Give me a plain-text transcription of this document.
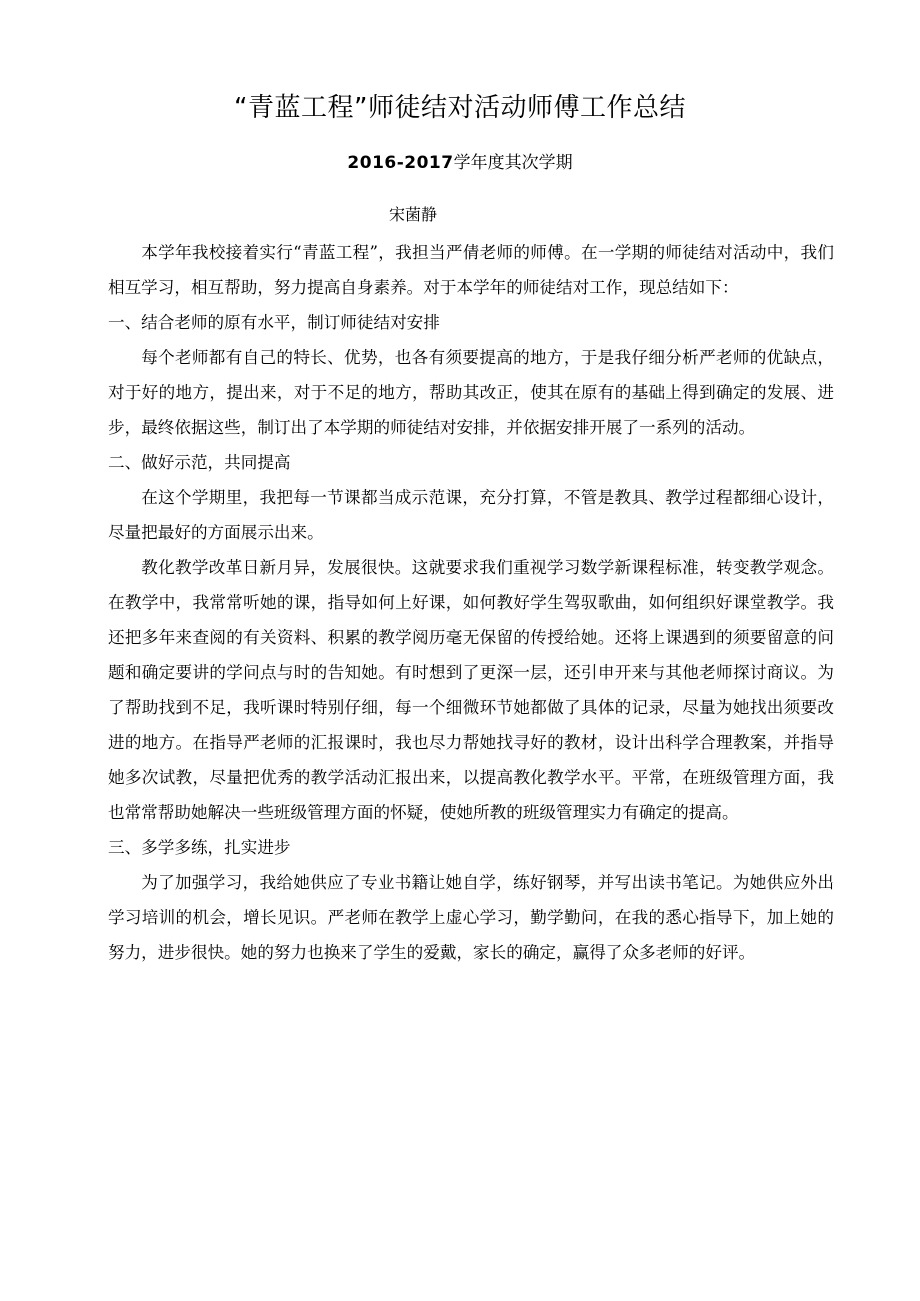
“青蓝工程”师徒结对活动师傅工作总结
2016-2017学年度其次学期
宋菌静

本学年我校接着实行“青蓝工程”，我担当严倩老师的师傅。在一学期的师徒结对活动中，我们相互学习，相互帮助，努力提高自身素养。对于本学年的师徒结对工作，现总结如下：

一、结合老师的原有水平，制订师徒结对安排

每个老师都有自己的特长、优势，也各有须要提高的地方，于是我仔细分析严老师的优缺点，对于好的地方，提出来，对于不足的地方，帮助其改正，使其在原有的基础上得到确定的发展、进步，最终依据这些，制订出了本学期的师徒结对安排，并依据安排开展了一系列的活动。

二、做好示范，共同提高

在这个学期里，我把每一节课都当成示范课，充分打算，不管是教具、教学过程都细心设计，尽量把最好的方面展示出来。

教化教学改革日新月异，发展很快。这就要求我们重视学习数学新课程标准，转变教学观念。在教学中，我常常听她的课，指导如何上好课，如何教好学生驾驭歌曲，如何组织好课堂教学。我还把多年来查阅的有关资料、积累的教学阅历毫无保留的传授给她。还将上课遇到的须要留意的问题和确定要讲的学问点与时的告知她。有时想到了更深一层，还引申开来与其他老师探讨商议。为了帮助找到不足，我听课时特别仔细，每一个细微环节她都做了具体的记录，尽量为她找出须要改进的地方。在指导严老师的汇报课时，我也尽力帮她找寻好的教材，设计出科学合理教案，并指导她多次试教，尽量把优秀的教学活动汇报出来，以提高教化教学水平。平常，在班级管理方面，我也常常帮助她解决一些班级管理方面的怀疑，使她所教的班级管理实力有确定的提高。

三、多学多练，扎实进步

为了加强学习，我给她供应了专业书籍让她自学，练好钢琴，并写出读书笔记。为她供应外出学习培训的机会，增长见识。严老师在教学上虚心学习，勤学勤问，在我的悉心指导下，加上她的努力，进步很快。她的努力也换来了学生的爱戴，家长的确定，赢得了众多老师的好评。
